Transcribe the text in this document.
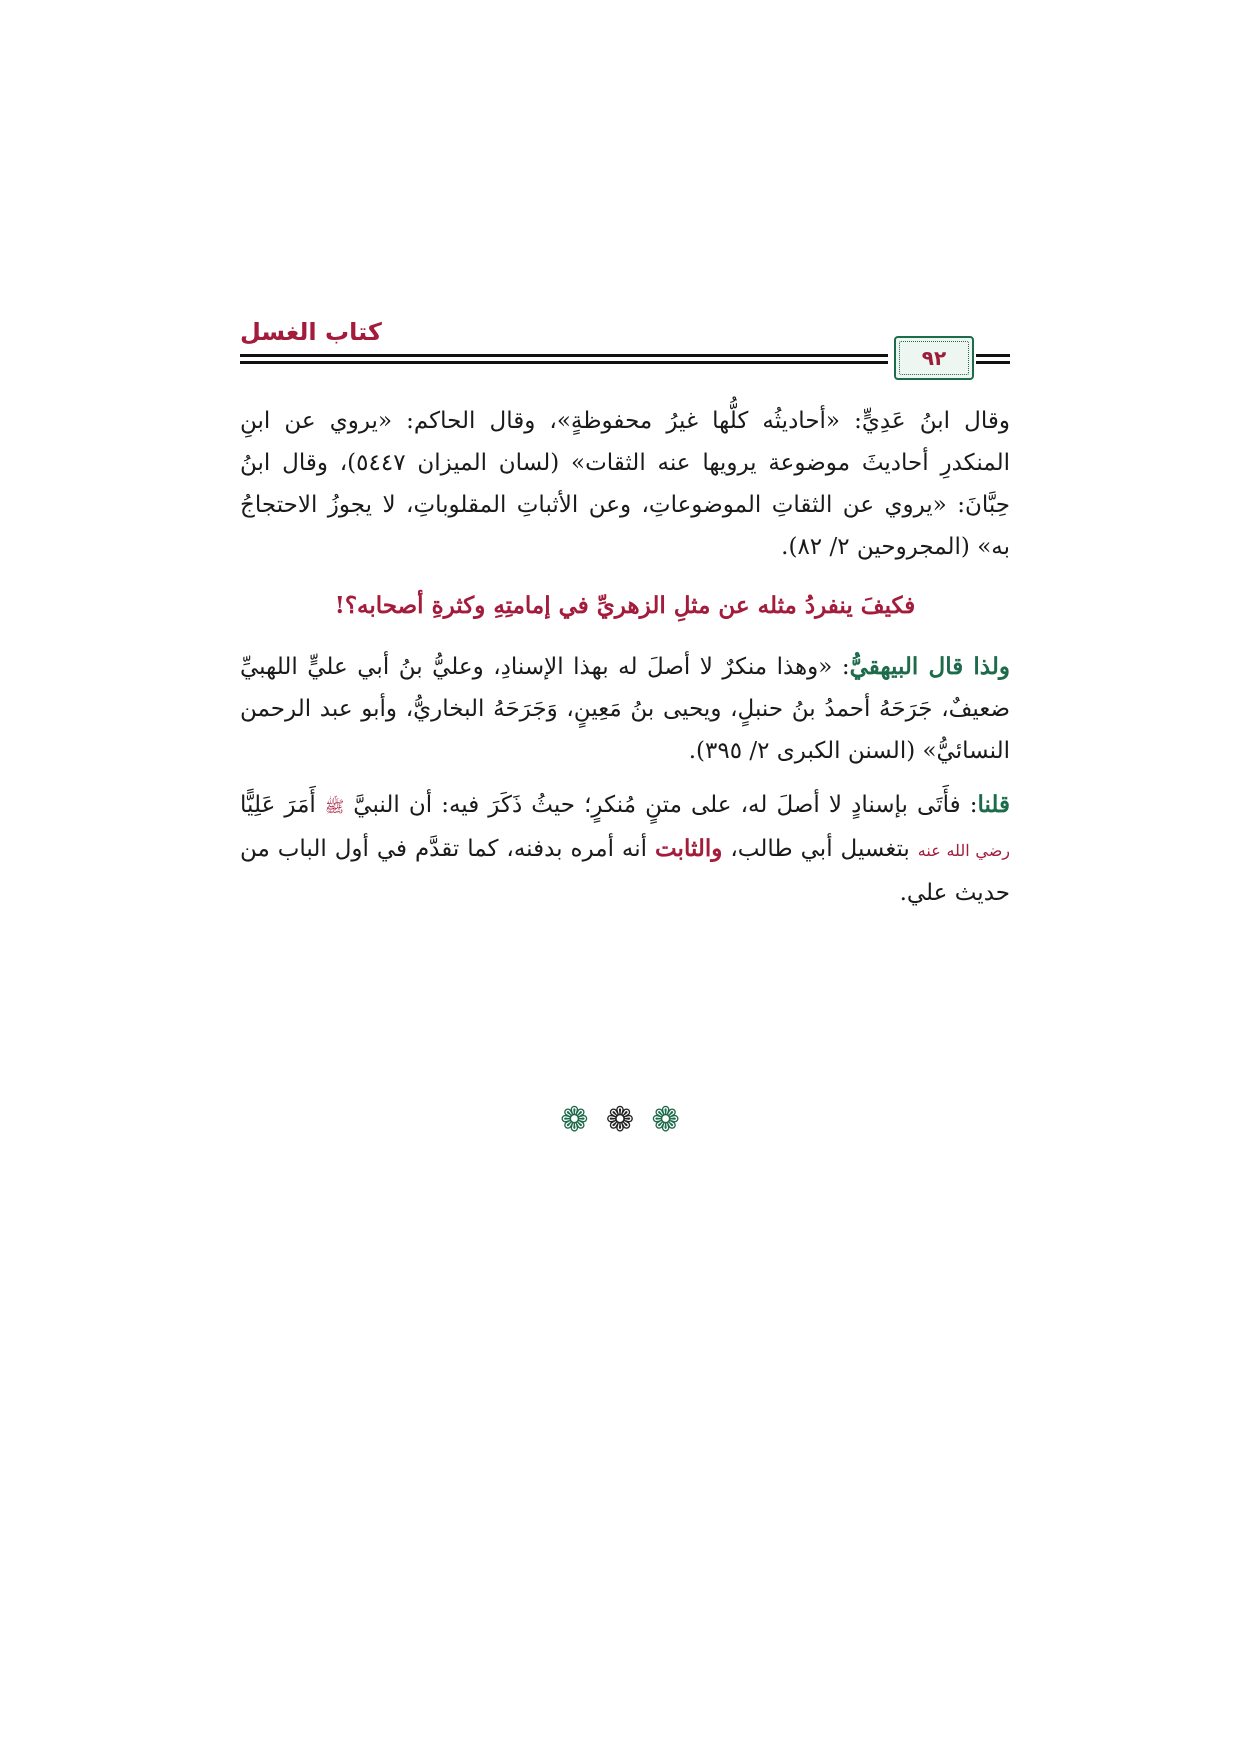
كتاب الغسل
٩٢

وقال ابنُ عَدِيٍّ: «أحاديثُه كلُّها غيرُ محفوظةٍ»، وقال الحاكم: «يروي عن ابنِ المنكدرِ أحاديثَ موضوعة يرويها عنه الثقات» (لسان الميزان ٥٤٤٧)، وقال ابنُ حِبَّانَ: «يروي عن الثقاتِ الموضوعاتِ، وعن الأثباتِ المقلوباتِ، لا يجوزُ الاحتجاجُ به» (المجروحين ٢/ ٨٢).

فكيفَ ينفردُ مثله عن مثلِ الزهريِّ في إمامتِهِ وكثرةِ أصحابه؟!

ولذا قال البيهقيُّ: «وهذا منكرٌ لا أصلَ له بهذا الإسنادِ، وعليُّ بنُ أبي عليٍّ اللهبيِّ ضعيفٌ، جَرَحَهُ أحمدُ بنُ حنبلٍ، ويحيى بنُ مَعِينٍ، وَجَرَحَهُ البخاريُّ، وأبو عبد الرحمن النسائيُّ» (السنن الكبرى ٢/ ٣٩٥).

قلنا: فأَتَى بإسنادٍ لا أصلَ له، على متنٍ مُنكرٍ؛ حيثُ ذَكَرَ فيه: أن النبيَّ ﷺ أَمَرَ عَلِيًّا رضي الله عنه بتغسيل أبي طالب، والثابت أنه أمره بدفنه، كما تقدَّم في أول الباب من حديث علي.

❁ ❁ ❁
